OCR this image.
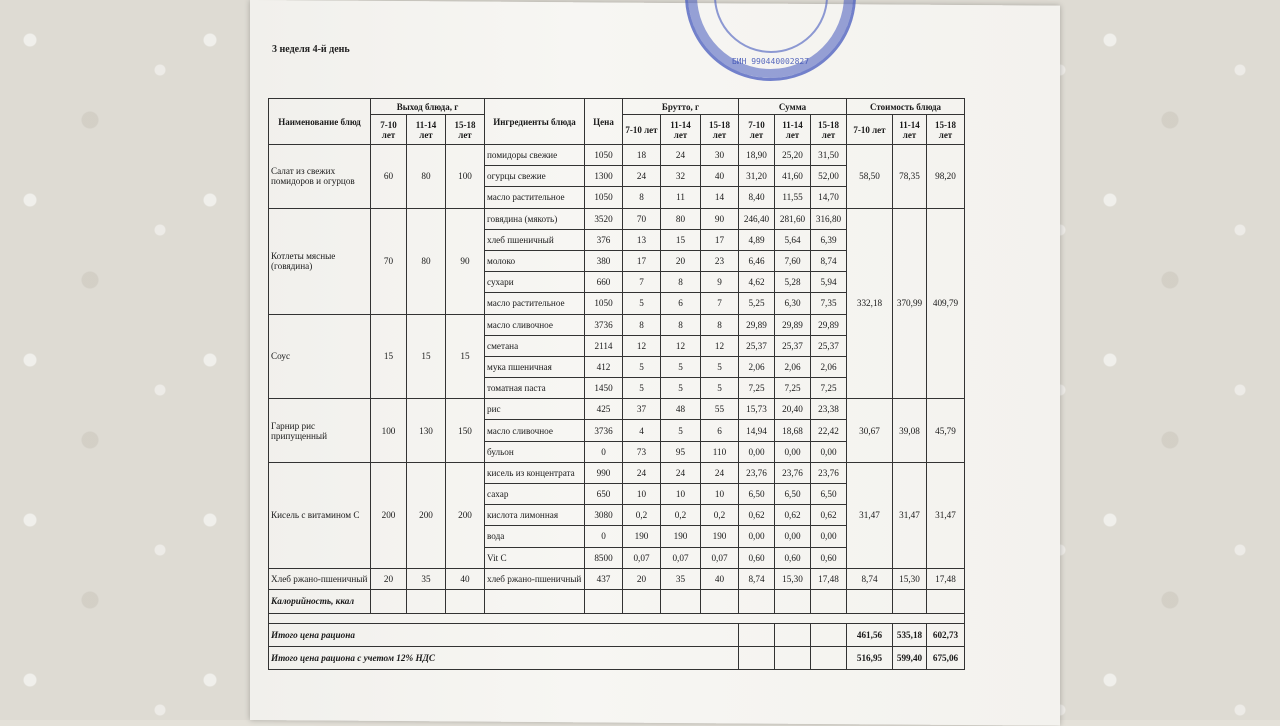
БИН 990440002827
3 неделя 4-й день
Наименование блюд	Выход блюда, г			Ингредиенты блюда	Цена	Брутто, г			Сумма			Стоимость блюда		
	7-10 лет	11-14 лет	15-18 лет			7-10 лет	11-14 лет	15-18 лет	7-10 лет	11-14 лет	15-18 лет	7-10 лет	11-14 лет	15-18 лет
Салат из свежих помидоров и огурцов	60	80	100	помидоры свежие	1050	18	24	30	18,90	25,20	31,50	58,50	78,35	98,20
				огурцы свежие	1300	24	32	40	31,20	41,60	52,00			
				масло растительное	1050	8	11	14	8,40	11,55	14,70			
Котлеты мясные (говядина)	70	80	90	говядина (мякоть)	3520	70	80	90	246,40	281,60	316,80	332,18	370,99	409,79
				хлеб пшеничный	376	13	15	17	4,89	5,64	6,39			
				молоко	380	17	20	23	6,46	7,60	8,74			
				сухари	660	7	8	9	4,62	5,28	5,94			
				масло растительное	1050	5	6	7	5,25	6,30	7,35			
Соус	15	15	15	масло сливочное	3736	8	8	8	29,89	29,89	29,89			
				сметана	2114	12	12	12	25,37	25,37	25,37			
				мука пшеничная	412	5	5	5	2,06	2,06	2,06			
				томатная паста	1450	5	5	5	7,25	7,25	7,25			
Гарнир рис припущенный	100	130	150	рис	425	37	48	55	15,73	20,40	23,38	30,67	39,08	45,79
				масло сливочное	3736	4	5	6	14,94	18,68	22,42			
				бульон	0	73	95	110	0,00	0,00	0,00			
Кисель с витамином С	200	200	200	кисель из концентрата	990	24	24	24	23,76	23,76	23,76	31,47	31,47	31,47
				сахар	650	10	10	10	6,50	6,50	6,50			
				кислота лимонная	3080	0,2	0,2	0,2	0,62	0,62	0,62			
				вода	0	190	190	190	0,00	0,00	0,00			
				Vit C	8500	0,07	0,07	0,07	0,60	0,60	0,60			
Хлеб ржано-пшеничный	20	35	40	хлеб ржано-пшеничный	437	20	35	40	8,74	15,30	17,48	8,74	15,30	17,48
Калорийность, ккал														

Итого цена рациона												461,56	535,18	602,73
Итого цена рациона с учетом 12% НДС												516,95	599,40	675,06
